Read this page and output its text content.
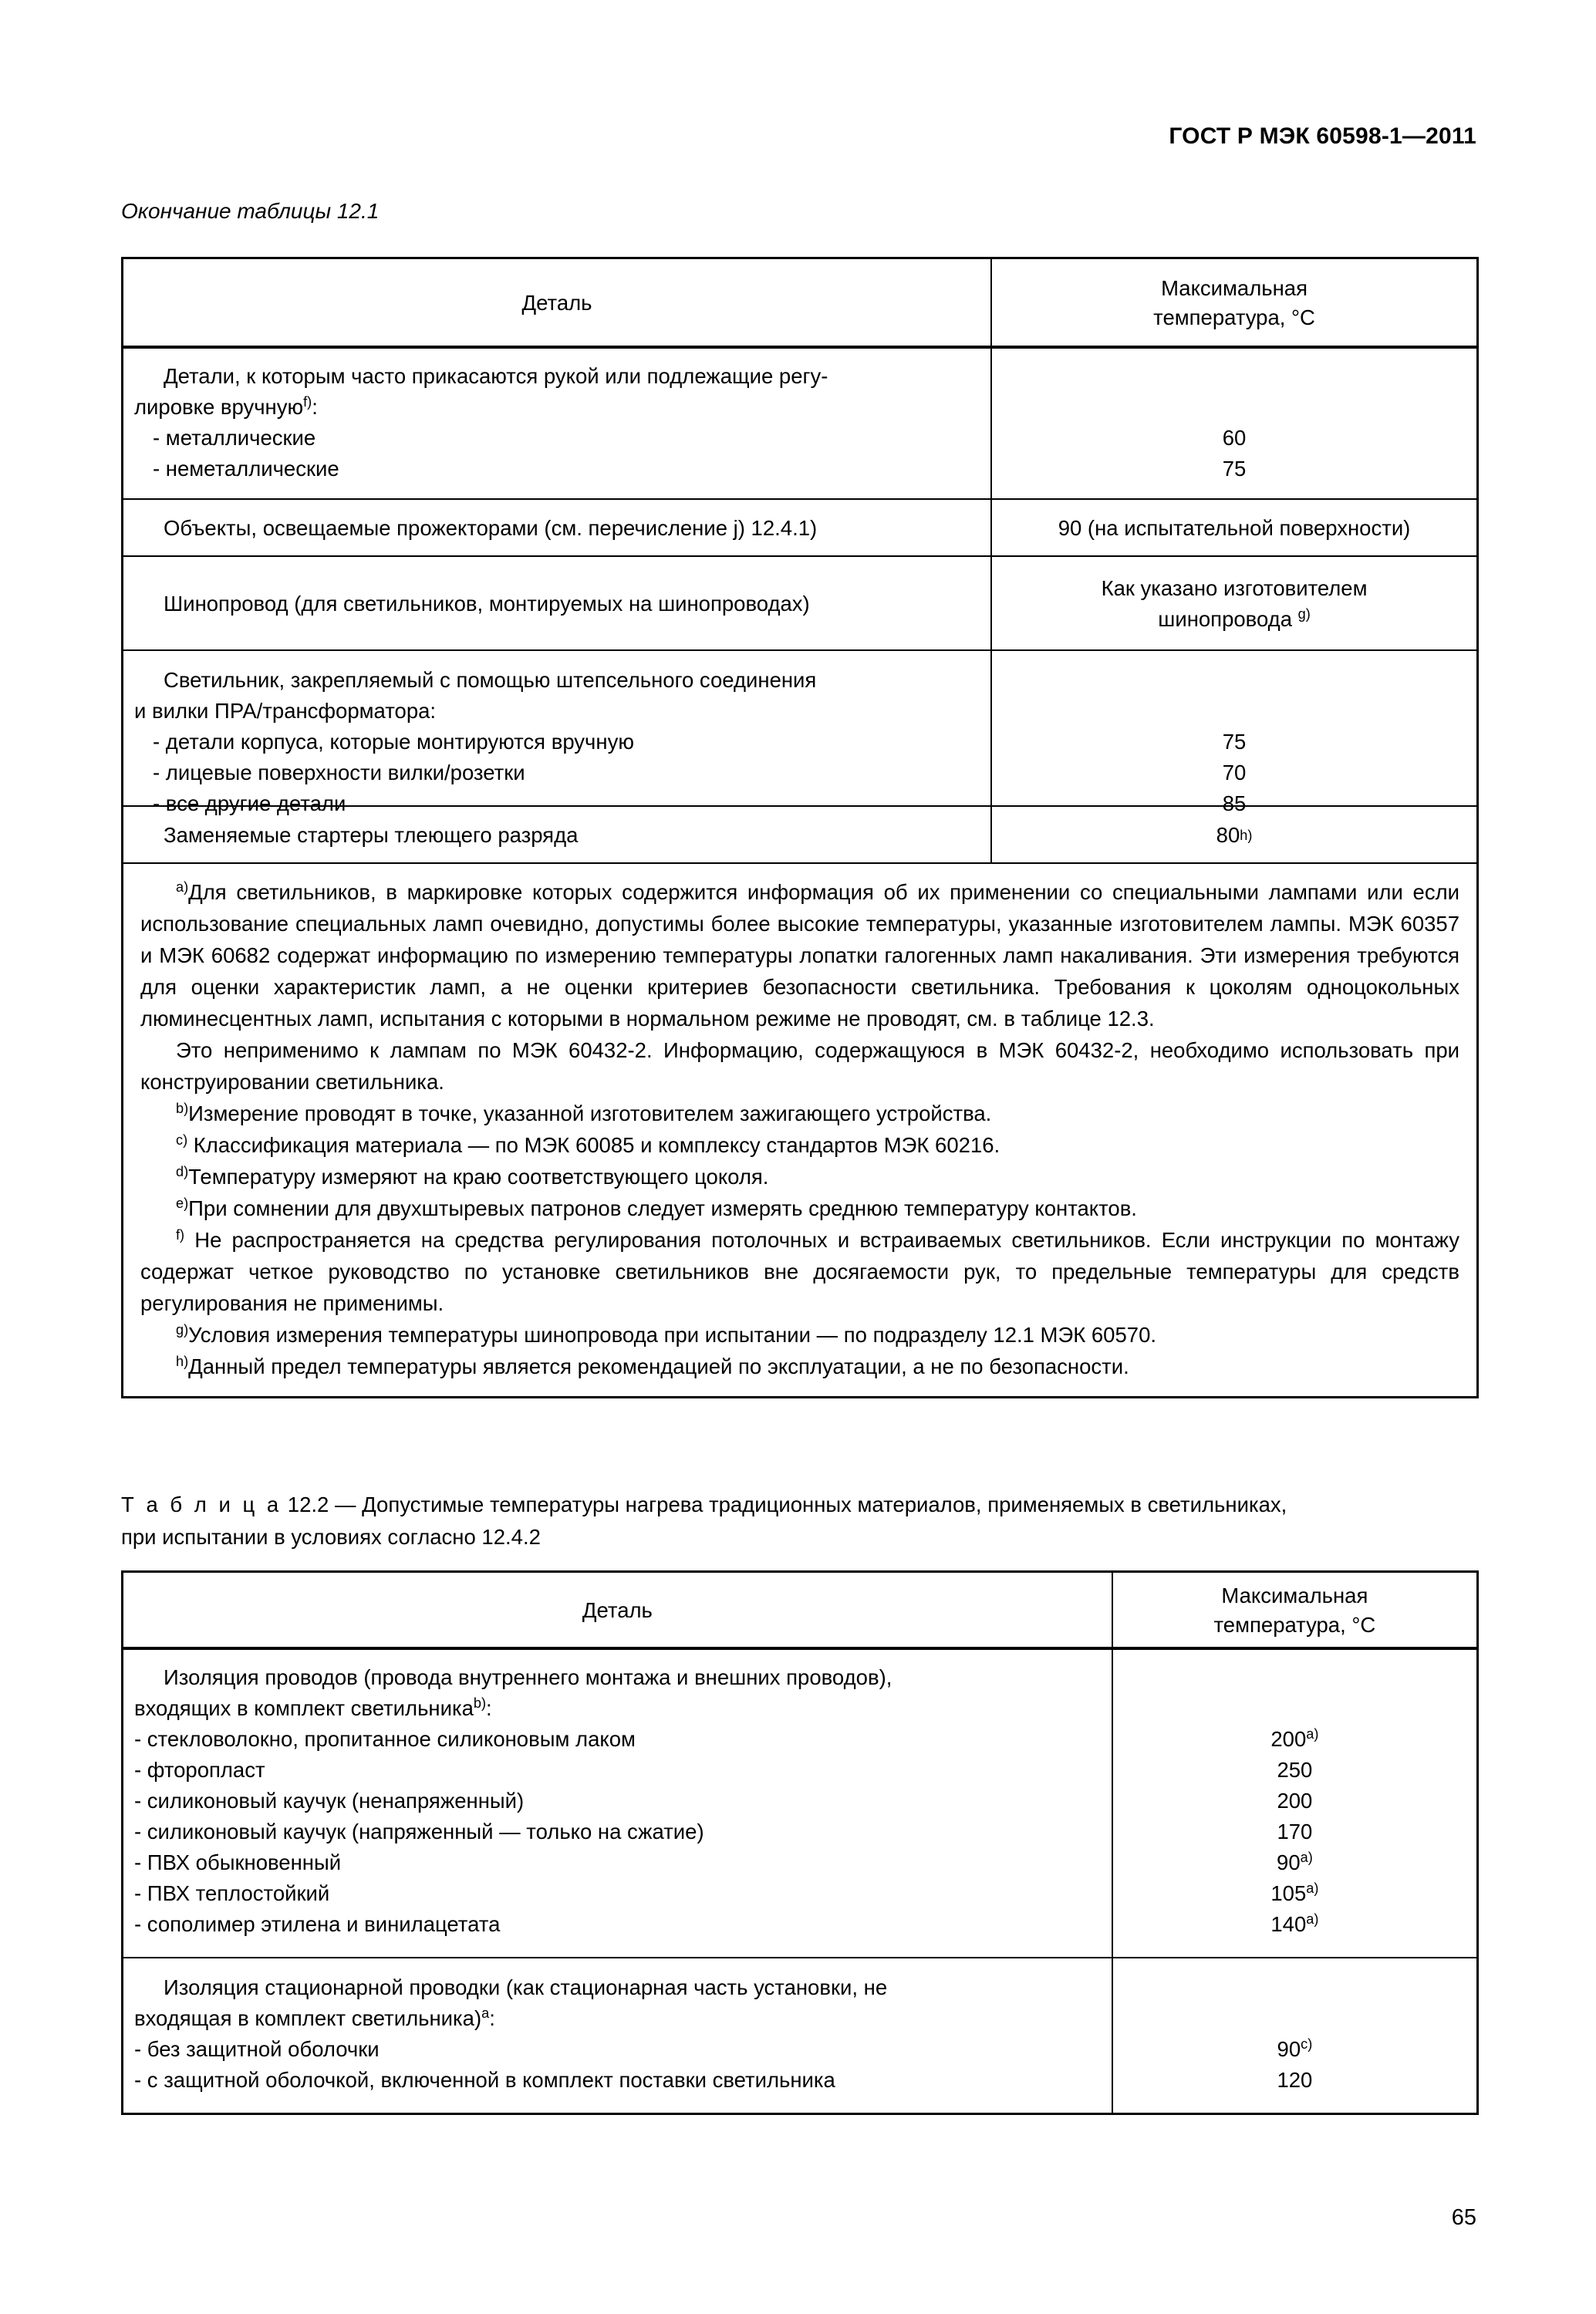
ГОСТ Р МЭК 60598-1—2011
Окончание таблицы 12.1
Деталь
Максимальная
температура, °C
Детали, к которым часто прикасаются рукой или подлежащие регу-
лировке вручную$^{f)}$:
- металлические
- неметаллические
60
75
Объекты, освещаемые прожекторами (см. перечисление j) 12.4.1)	90 (на испытательной поверхности)
Шинопровод (для светильников, монтируемых на шинопроводах)
Как указано изготовителем
шинопровода $^{g)}$
Светильник, закрепляемый с помощью штепсельного соединения
и вилки ПРА/трансформатора:
- детали корпуса, которые монтируются вручную
- лицевые поверхности вилки/розетки
- все другие детали
75
70
85
Заменяемые стартеры тлеющего разряда	80 h)

$^{a)}$Для светильников, в маркировке которых содержится информация об их применении со специальными лампами или если использование специальных ламп очевидно, допустимы более высокие температуры, указанные изготовителем лампы. МЭК 60357 и МЭК 60682 содержат информацию по измерению температуры лопатки галогенных ламп накаливания. Эти измерения требуются для оценки характеристик ламп, а не оценки критериев безопасности светильника. Требования к цоколям одноцокольных люминесцентных ламп, испытания с которыми в нормальном режиме не проводят, см. в таблице 12.3.

Это неприменимо к лампам по МЭК 60432-2. Информацию, содержащуюся в МЭК 60432-2, необходимо использовать при конструировании светильника.

$^{b)}$Измерение проводят в точке, указанной изготовителем зажигающего устройства.

$^{c)}$ Классификация материала — по МЭК 60085 и комплексу стандартов МЭК 60216.

$^{d)}$Температуру измеряют на краю соответствующего цоколя.

$^{e)}$При сомнении для двухштыревых патронов следует измерять среднюю температуру контактов.

$^{f)}$ Не распространяется на средства регулирования потолочных и встраиваемых светильников. Если инструкции по монтажу содержат четкое руководство по установке светильников вне досягаемости рук, то предельные температуры для средств регулирования не применимы.

$^{g)}$Условия измерения температуры шинопровода при испытании — по подразделу 12.1 МЭК 60570.

$^{h)}$Данный предел температуры является рекомендацией по эксплуатации, а не по безопасности.

Т а б л и ц а 12.2 — Допустимые температуры нагрева традиционных материалов, применяемых в светильниках,
при испытании в условиях согласно 12.4.2
Деталь
Максимальная
температура, °C
Изоляция проводов (провода внутреннего монтажа и внешних проводов),
входящих в комплект светильника$^{b)}$:
- стекловолокно, пропитанное силиконовым лаком
- фторопласт
- силиконовый каучук (ненапряженный)
- силиконовый каучук (напряженный — только на сжатие)
- ПВХ обыкновенный
- ПВХ теплостойкий
- сополимер этилена и винилацетата
200$^{a)}$
250
200
170
90$^{a)}$
105$^{a)}$
140$^{a)}$
Изоляция стационарной проводки (как стационарная часть установки, не
входящая в комплект светильника)$^a$:
- без защитной оболочки
- с защитной оболочкой, включенной в комплект поставки светильника
90$^{c)}$
120
65
